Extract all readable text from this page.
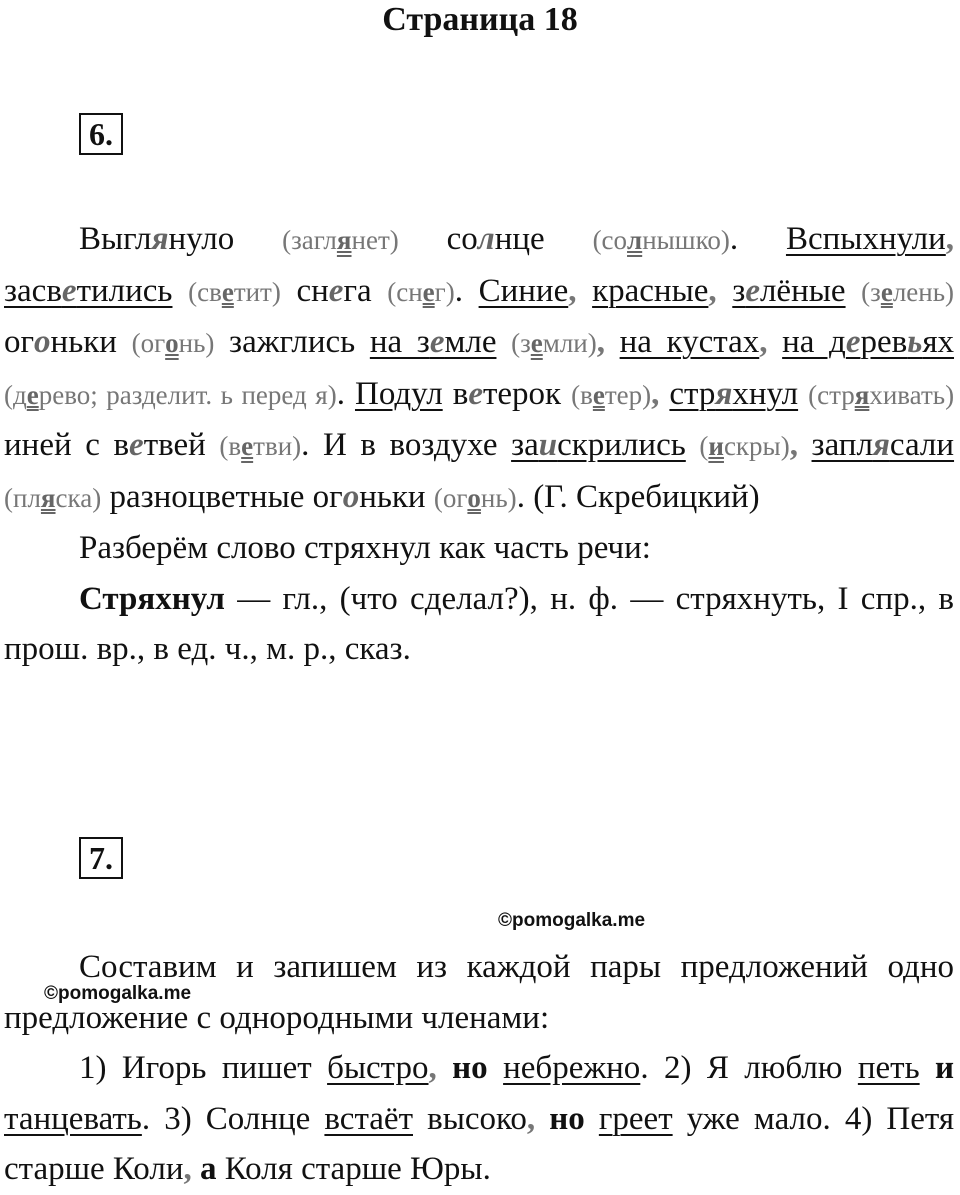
Страница 18
6.

Выглянуло (заглянет) солнце (солнышко). Вспыхнули, засветились (светит) снега (снег). Синие, красные, зелёные (зелень) огоньки (огонь) зажглись на земле (земли), на кустах, на деревьях (дерево; разделит. ь перед я). Подул ветерок (ветер), стряхнул (стряхивать) иней с ветвей (ветви). И в воздухе заискрились (искры), заплясали (пляска) разноцветные огоньки (огонь). (Г. Скребицкий)

Разберём слово стряхнул как часть речи:

Стряхнул — гл., (что сделал?), н. ф. — стряхнуть, I спр., в прош. вр., в ед. ч., м. р., сказ.

7.
©pomogalka.me

Составим и запишем из каждой пары предложений одно предложение с однородными членами:

1) Игорь пишет быстро, но небрежно. 2) Я люблю петь и танцевать. 3) Солнце встаёт высоко, но греет уже мало. 4) Петя старше Коли, а Коля старше Юры.

©pomogalka.me
